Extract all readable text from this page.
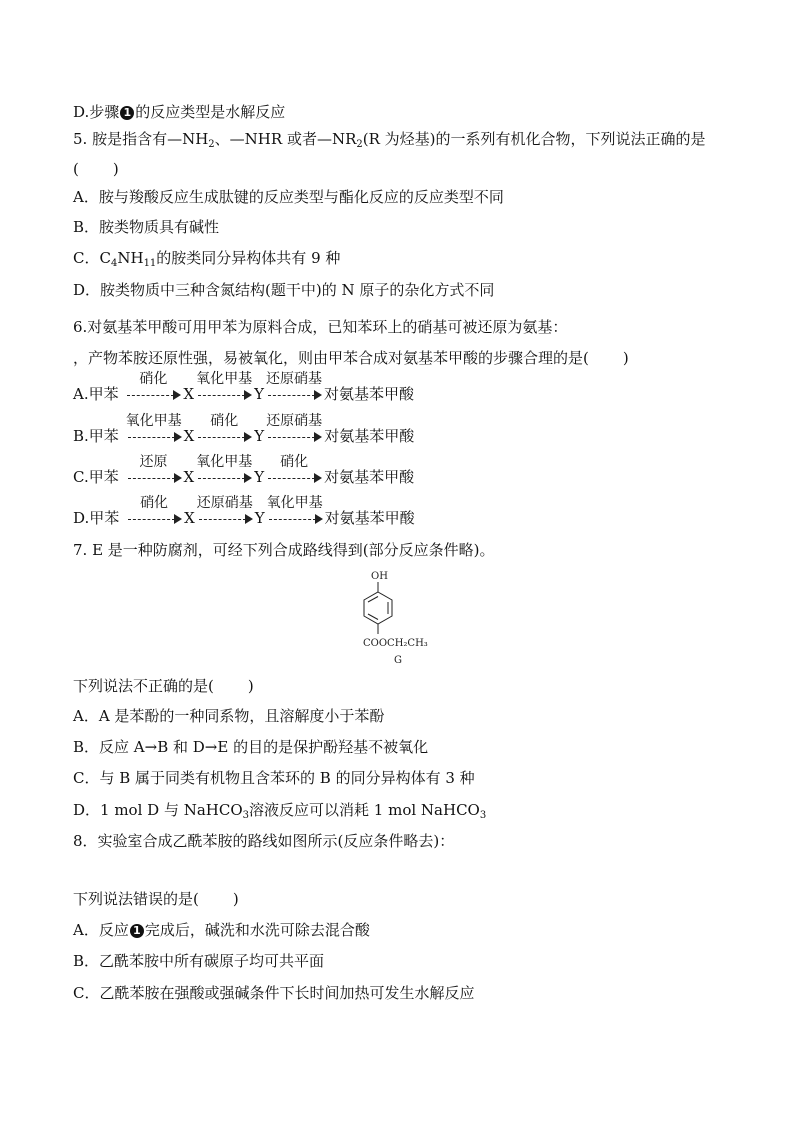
D.步骤 1 的反应类型是水解反应
5. 胺是指含有$—NH_2$、—NHR 或者$—NR_2(R$ 为烃基)的一系列有机化合物，下列说法正确的是
( )
A．胺与羧酸反应生成肽键的反应类型与酯化反应的反应类型不同
B．胺类物质具有碱性
C．$C_4NH_{11}$的胺类同分异构体共有 9 种
D．胺类物质中三种含氮结构(题干中)的 N 原子的杂化方式不同
6.对氨基苯甲酸可用甲苯为原料合成，已知苯环上的硝基可被还原为氨基：
，产物苯胺还原性强，易被氧化，则由甲苯合成对氨基苯甲酸的步骤合理的是( )
A.甲苯
硝化
X
氧化甲基
Y
还原硝基
对氨基苯甲酸
B.甲苯
氧化甲基
X
硝化
Y
还原硝基
对氨基苯甲酸
C.甲苯
还原
X
氧化甲基
Y
硝化
对氨基苯甲酸
D.甲苯
硝化
X
还原硝基
Y
氧化甲基
对氨基苯甲酸
7. E 是一种防腐剂，可经下列合成路线得到(部分反应条件略)。
OH
COOCH₂CH₃
G
下列说法不正确的是( )
A．A 是苯酚的一种同系物，且溶解度小于苯酚
B．反应 A→B 和 D→E 的目的是保护酚羟基不被氧化
C．与 B 属于同类有机物且含苯环的 B 的同分异构体有 3 种
D．1 mol D 与 NaHCO$_3$溶液反应可以消耗 1 mol NaHCO$_3$
8．实验室合成乙酰苯胺的路线如图所示(反应条件略去)：
下列说法错误的是( )
A．反应 1 完成后，碱洗和水洗可除去混合酸
B．乙酰苯胺中所有碳原子均可共平面
C．乙酰苯胺在强酸或强碱条件下长时间加热可发生水解反应
